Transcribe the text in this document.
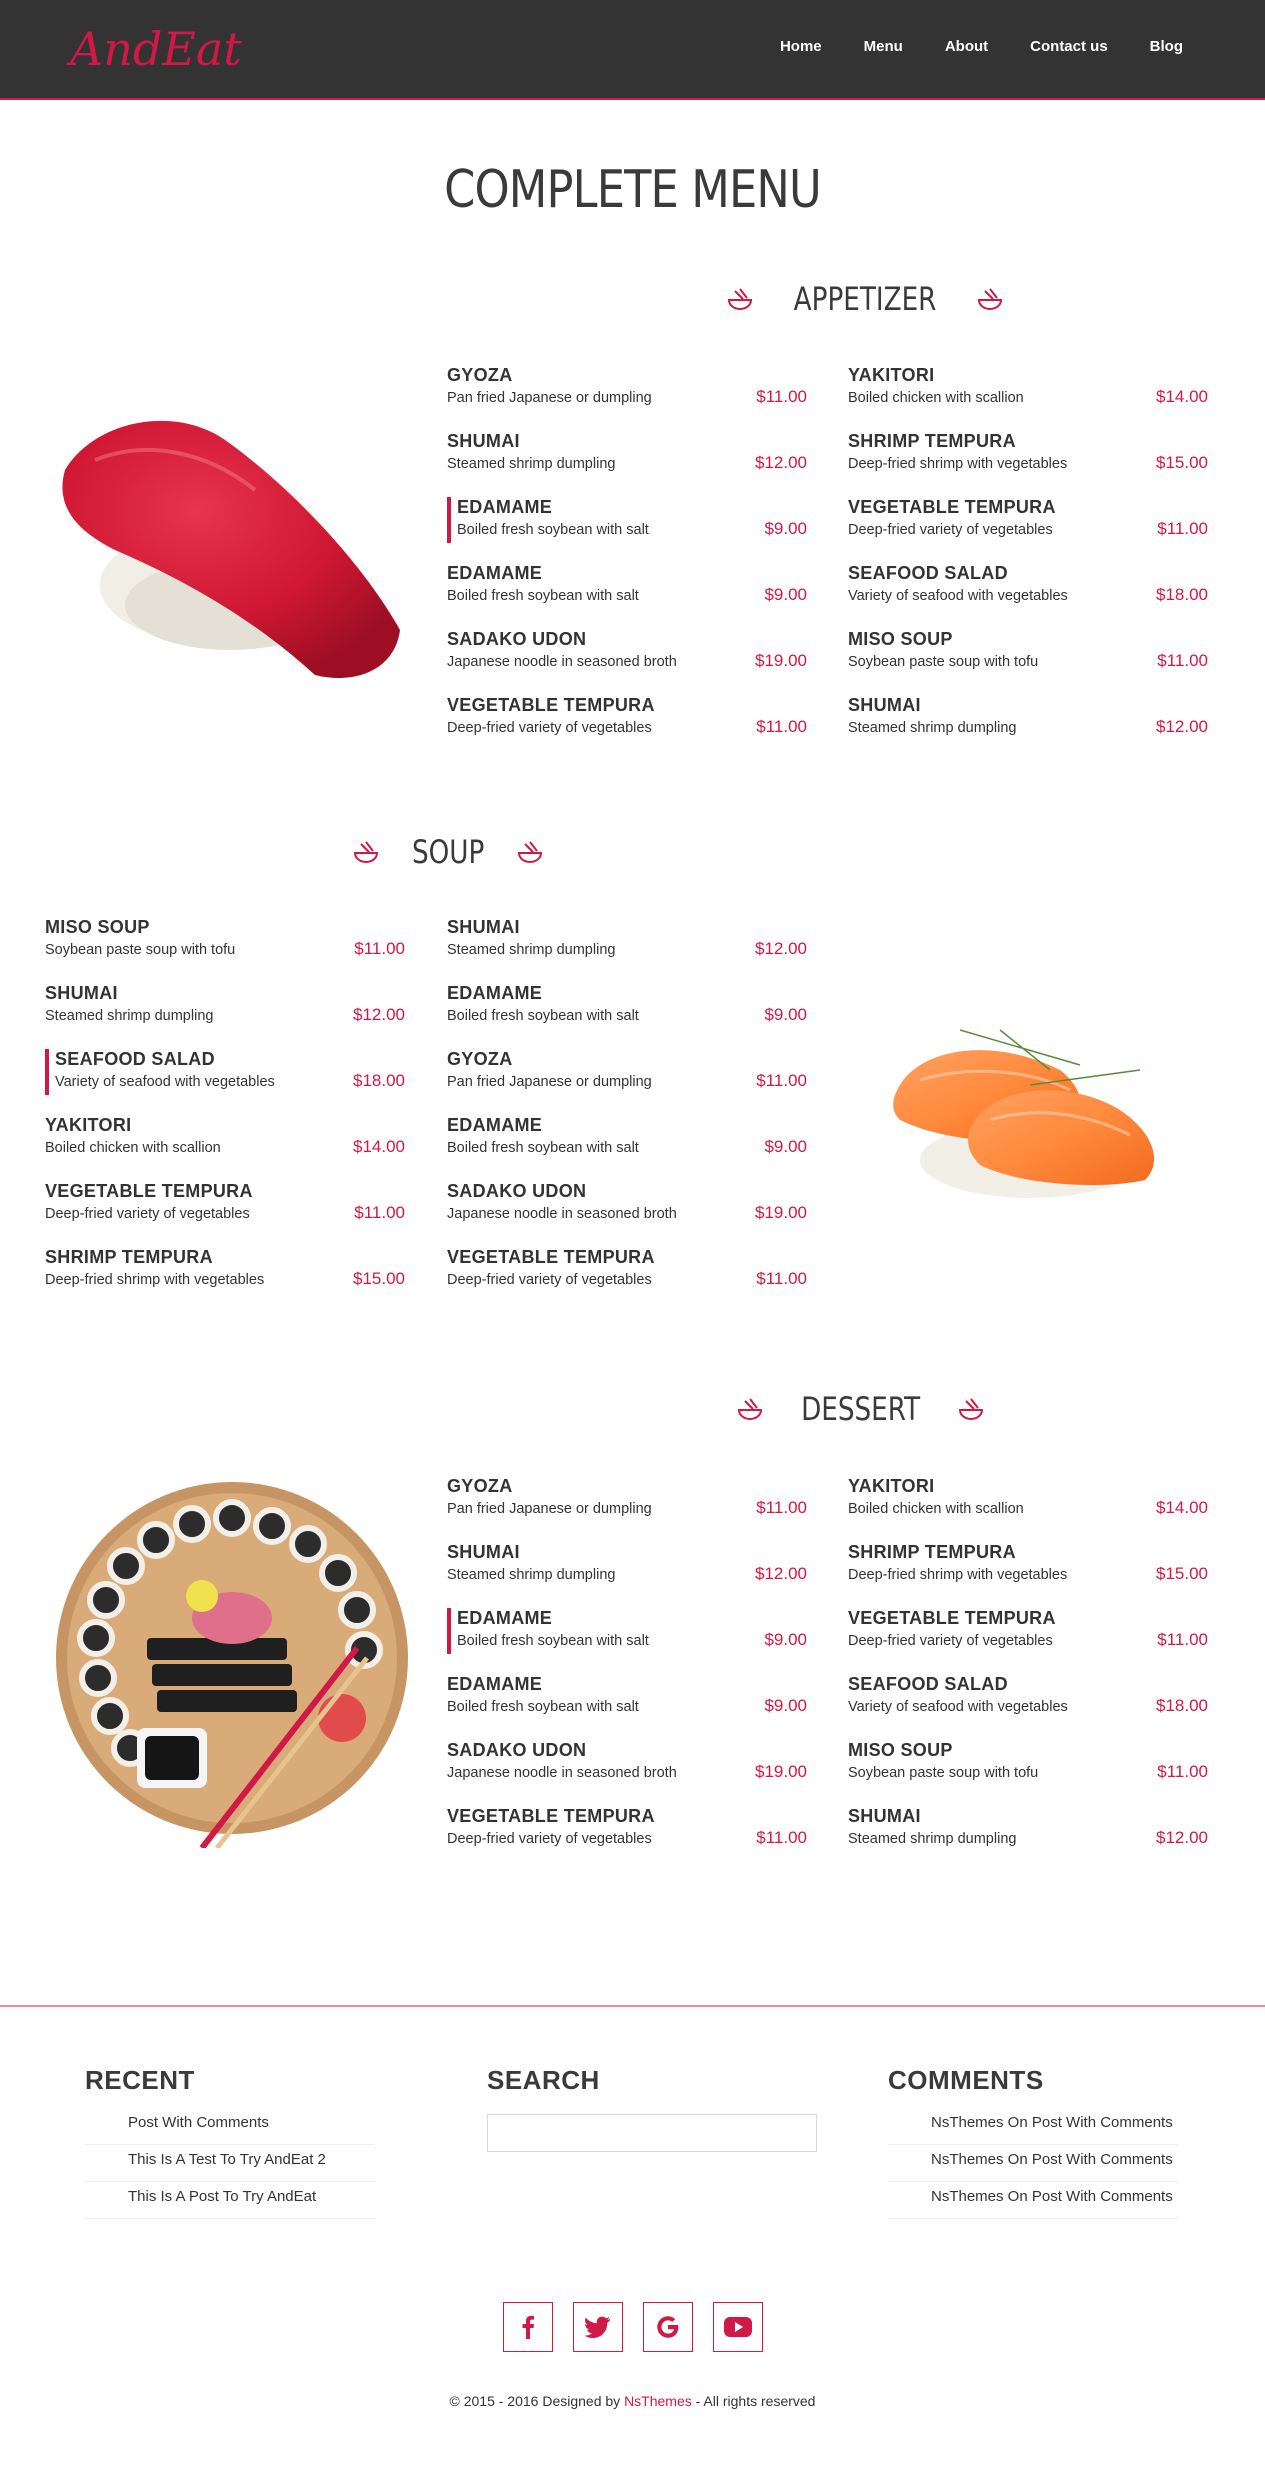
AndEat	Home	Menu	About	Contact us	Blog
COMPLETE MENU
APPETIZER
GYOZA
Pan fried Japanese or dumpling	$11.00
SHUMAI
Steamed shrimp dumpling	$12.00
EDAMAME
Boiled fresh soybean with salt	$9.00
EDAMAME
Boiled fresh soybean with salt	$9.00
SADAKO UDON
Japanese noodle in seasoned broth	$19.00
VEGETABLE TEMPURA
Deep-fried variety of vegetables	$11.00
YAKITORI
Boiled chicken with scallion	$14.00
SHRIMP TEMPURA
Deep-fried shrimp with vegetables	$15.00
VEGETABLE TEMPURA
Deep-fried variety of vegetables	$11.00
SEAFOOD SALAD
Variety of seafood with vegetables	$18.00
MISO SOUP
Soybean paste soup with tofu	$11.00
SHUMAI
Steamed shrimp dumpling	$12.00
SOUP
MISO SOUP
Soybean paste soup with tofu	$11.00
SHUMAI
Steamed shrimp dumpling	$12.00
SEAFOOD SALAD
Variety of seafood with vegetables	$18.00
YAKITORI
Boiled chicken with scallion	$14.00
VEGETABLE TEMPURA
Deep-fried variety of vegetables	$11.00
SHRIMP TEMPURA
Deep-fried shrimp with vegetables	$15.00
SHUMAI
Steamed shrimp dumpling	$12.00
EDAMAME
Boiled fresh soybean with salt	$9.00
GYOZA
Pan fried Japanese or dumpling	$11.00
EDAMAME
Boiled fresh soybean with salt	$9.00
SADAKO UDON
Japanese noodle in seasoned broth	$19.00
VEGETABLE TEMPURA
Deep-fried variety of vegetables	$11.00
DESSERT
GYOZA
Pan fried Japanese or dumpling	$11.00
SHUMAI
Steamed shrimp dumpling	$12.00
EDAMAME
Boiled fresh soybean with salt	$9.00
EDAMAME
Boiled fresh soybean with salt	$9.00
SADAKO UDON
Japanese noodle in seasoned broth	$19.00
VEGETABLE TEMPURA
Deep-fried variety of vegetables	$11.00
YAKITORI
Boiled chicken with scallion	$14.00
SHRIMP TEMPURA
Deep-fried shrimp with vegetables	$15.00
VEGETABLE TEMPURA
Deep-fried variety of vegetables	$11.00
SEAFOOD SALAD
Variety of seafood with vegetables	$18.00
MISO SOUP
Soybean paste soup with tofu	$11.00
SHUMAI
Steamed shrimp dumpling	$12.00
RECENT
Post With Comments
This Is A Test To Try AndEat 2
This Is A Post To Try AndEat
SEARCH	COMMENTS
NsThemes On Post With Comments
NsThemes On Post With Comments
NsThemes On Post With Comments
© 2015 - 2016 Designed by NsThemes - All rights reserved
